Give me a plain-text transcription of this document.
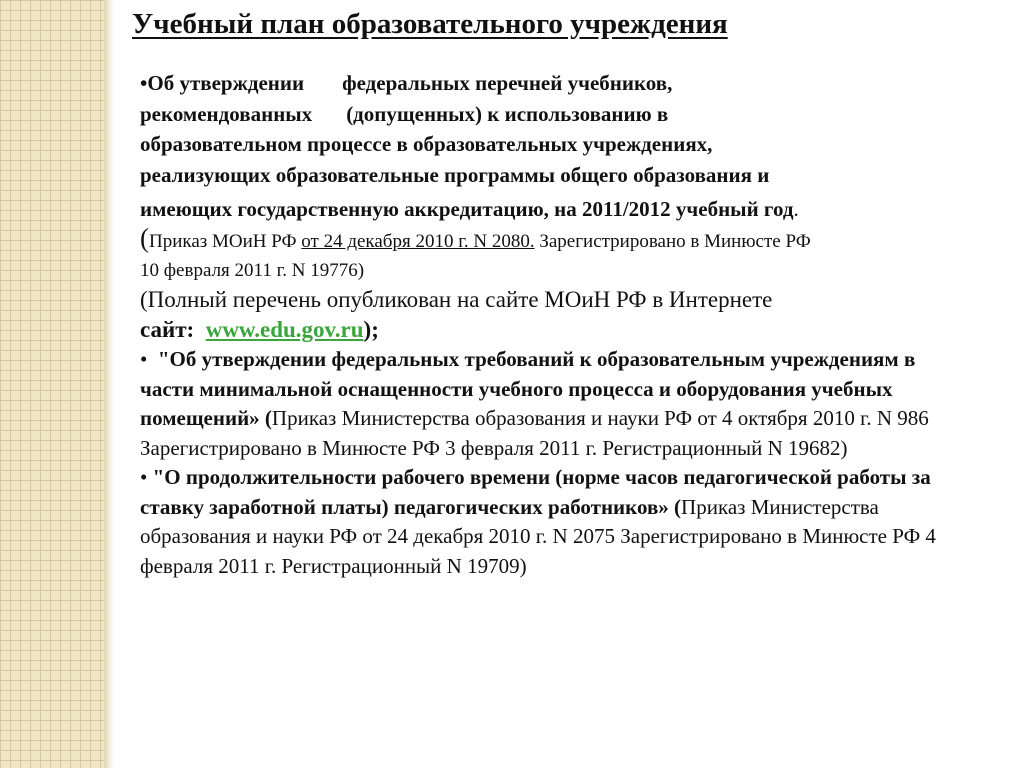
Учебный план образовательного учреждения

•Об утверждении федеральных перечней учебников,
рекомендованных (допущенных) к использованию в
образовательном процессе в образовательных учреждениях,
реализующих образовательные программы общего образования и

имеющих государственную аккредитацию, на 2011/2012 учебный год.

(Приказ МОиН РФ от 24 декабря 2010 г. N 2080. Зарегистрировано в Минюсте РФ
10 февраля 2011 г. N 19776)

(Полный перечень опубликован на сайте МОиН РФ в Интернете
сайт: www.edu.gov.ru);

• "Об утверждении федеральных требований к образовательным учреждениям в части минимальной оснащенности учебного процесса и оборудования учебных помещений» (Приказ Министерства образования и науки РФ от 4 октября 2010 г. N 986 Зарегистрировано в Минюсте РФ 3 февраля 2011 г. Регистрационный N 19682)

• "О продолжительности рабочего времени (норме часов педагогической работы за ставку заработной платы) педагогических работников» (Приказ Министерства образования и науки РФ от 24 декабря 2010 г. N 2075 Зарегистрировано в Минюсте РФ 4 февраля 2011 г. Регистрационный N 19709)
